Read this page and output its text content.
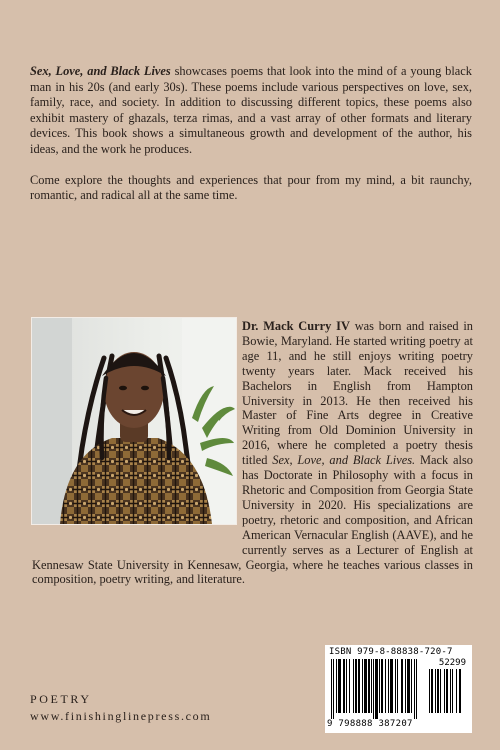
Sex, Love, and Black Lives showcases poems that look into the mind of a young black man in his 20s (and early 30s). These poems include various perspectives on love, sex, family, race, and society. In addition to discussing different topics, these poems also exhibit mastery of ghazals, terza rimas, and a vast array of other formats and literary devices. This book shows a simultaneous growth and development of the author, his ideas, and the work he produces.

Come explore the thoughts and experiences that pour from my mind, a bit raunchy, romantic, and radical all at the same time.

Dr. Mack Curry IV was born and raised in Bowie, Maryland. He started writing poetry at age 11, and he still enjoys writing poetry twenty years later. Mack received his Bachelors in English from Hampton University in 2013. He then received his Master of Fine Arts degree in Creative Writing from Old Dominion University in 2016, where he completed a poetry thesis titled Sex, Love, and Black Lives. Mack also has Doctorate in Philosophy with a focus in Rhetoric and Composition from Georgia State University in 2020. His specializations are poetry, rhetoric and composition, and African American Vernacular English (AAVE), and he currently serves as a Lecturer of English at Kennesaw State University in Kennesaw, Georgia, where he teaches various classes in composition, poetry writing, and literature.
POETRY
www.finishinglinepress.com
ISBN 979-8-88838-720-7
52299
9 798888 387207
